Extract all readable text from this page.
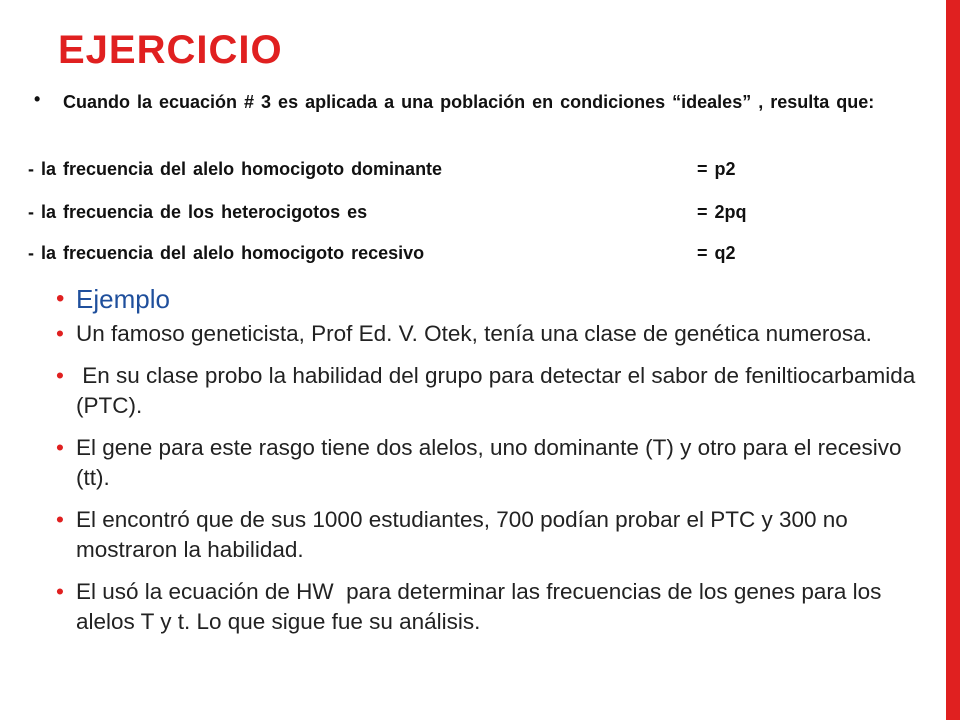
EJERCICIO
• Cuando la ecuación # 3 es aplicada a una población en condiciones “ideales” , resulta que:
- la frecuencia del alelo homocigoto dominante	= p2
- la frecuencia de los heterocigotos es	= 2pq
- la frecuencia del alelo homocigoto recesivo	= q2
• Ejemplo
• Un famoso geneticista, Prof Ed. V. Otek, tenía una clase de genética numerosa.
• En su clase probo la habilidad del grupo para detectar el sabor de feniltiocarbamida (PTC).
• El gene para este rasgo tiene dos alelos, uno dominante (T) y otro para el recesivo (tt).
• El encontró que de sus 1000 estudiantes, 700 podían probar el PTC y 300 no mostraron la habilidad.
• El usó la ecuación de HW  para determinar las frecuencias de los genes para los alelos T y t. Lo que sigue fue su análisis.
